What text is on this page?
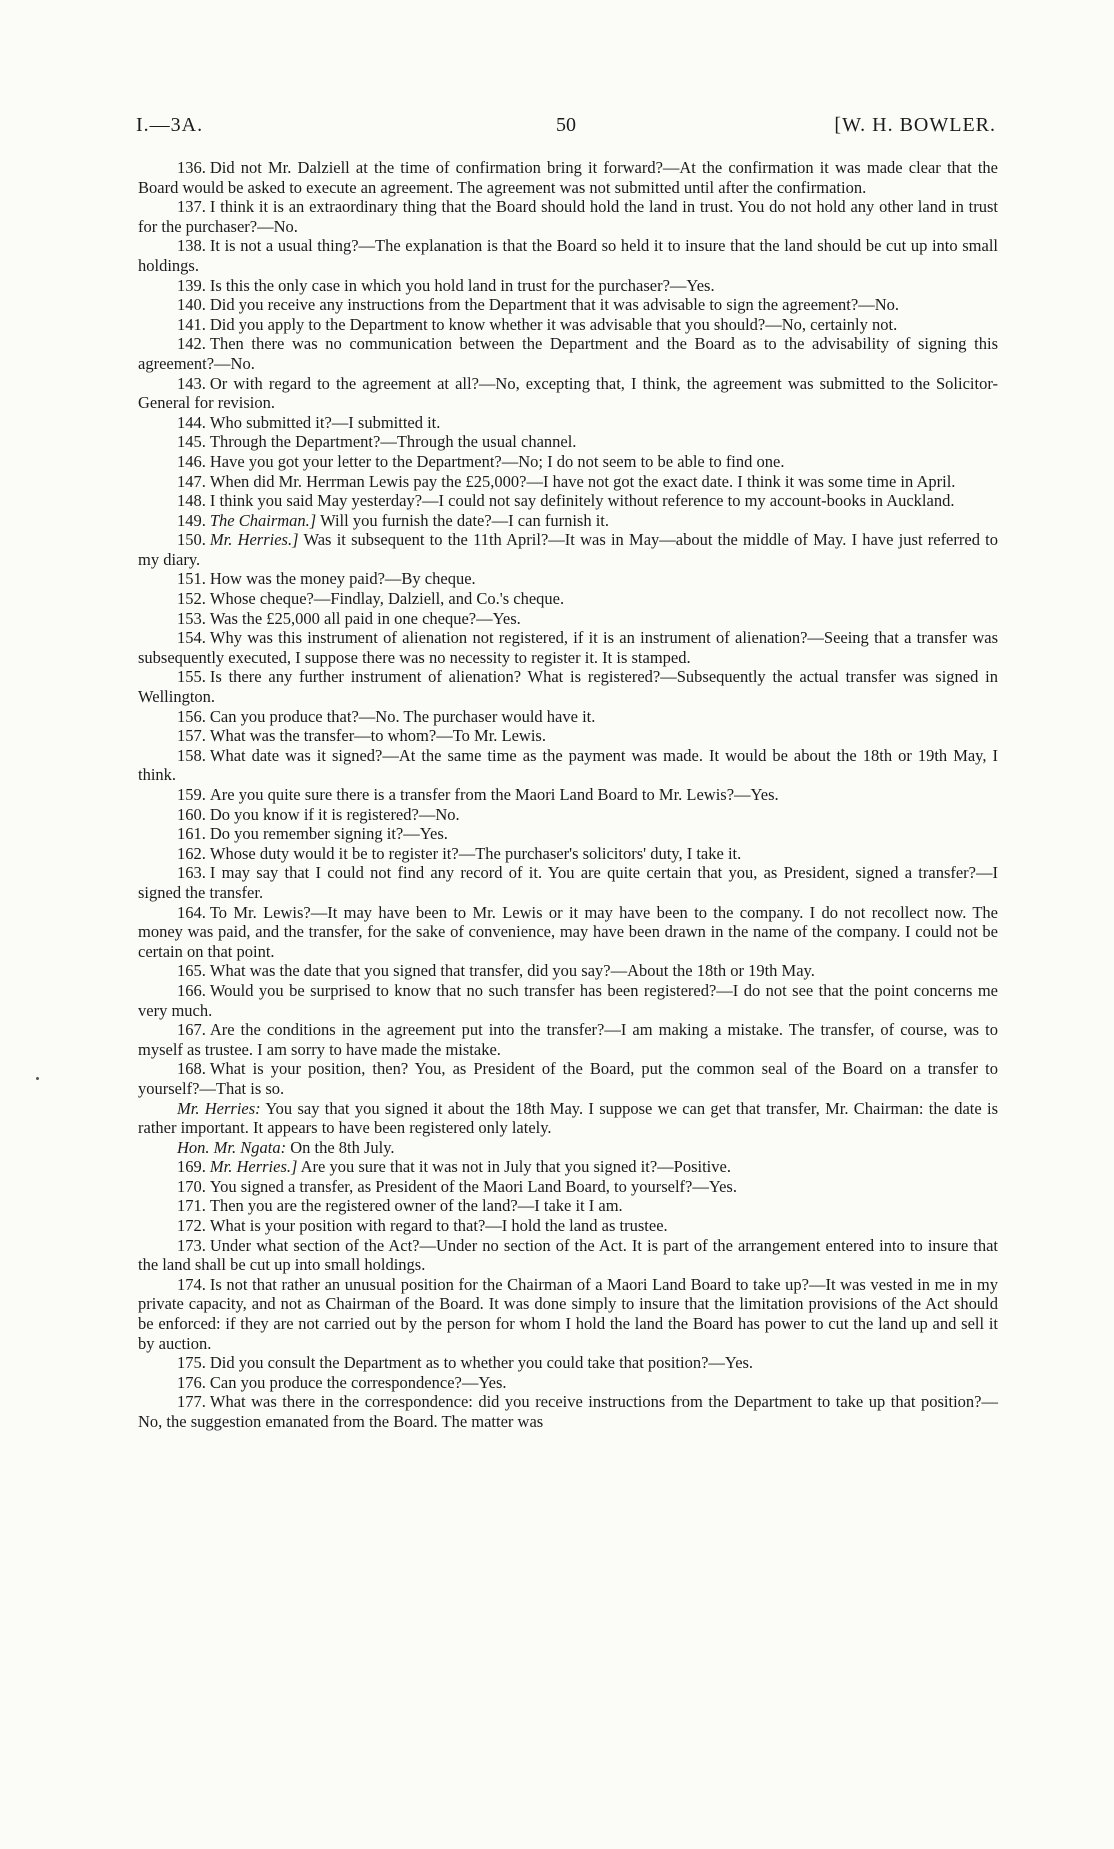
I.—3A.	50	[W. H. BOWLER.

136. Did not Mr. Dalziell at the time of confirmation bring it forward?—At the confirmation it was made clear that the Board would be asked to execute an agreement. The agreement was not submitted until after the confirmation.

137. I think it is an extraordinary thing that the Board should hold the land in trust. You do not hold any other land in trust for the purchaser?—No.

138. It is not a usual thing?—The explanation is that the Board so held it to insure that the land should be cut up into small holdings.

139. Is this the only case in which you hold land in trust for the purchaser?—Yes.

140. Did you receive any instructions from the Department that it was advisable to sign the agreement?—No.

141. Did you apply to the Department to know whether it was advisable that you should?—No, certainly not.

142. Then there was no communication between the Department and the Board as to the advisability of signing this agreement?—No.

143. Or with regard to the agreement at all?—No, excepting that, I think, the agreement was submitted to the Solicitor-General for revision.

144. Who submitted it?—I submitted it.

145. Through the Department?—Through the usual channel.

146. Have you got your letter to the Department?—No; I do not seem to be able to find one.

147. When did Mr. Herrman Lewis pay the £25,000?—I have not got the exact date. I think it was some time in April.

148. I think you said May yesterday?—I could not say definitely without reference to my account-books in Auckland.

149. The Chairman.] Will you furnish the date?—I can furnish it.

150. Mr. Herries.] Was it subsequent to the 11th April?—It was in May—about the middle of May. I have just referred to my diary.

151. How was the money paid?—By cheque.

152. Whose cheque?—Findlay, Dalziell, and Co.'s cheque.

153. Was the £25,000 all paid in one cheque?—Yes.

154. Why was this instrument of alienation not registered, if it is an instrument of alienation?—Seeing that a transfer was subsequently executed, I suppose there was no necessity to register it. It is stamped.

155. Is there any further instrument of alienation? What is registered?—Subsequently the actual transfer was signed in Wellington.

156. Can you produce that?—No. The purchaser would have it.

157. What was the transfer—to whom?—To Mr. Lewis.

158. What date was it signed?—At the same time as the payment was made. It would be about the 18th or 19th May, I think.

159. Are you quite sure there is a transfer from the Maori Land Board to Mr. Lewis?—Yes.

160. Do you know if it is registered?—No.

161. Do you remember signing it?—Yes.

162. Whose duty would it be to register it?—The purchaser's solicitors' duty, I take it.

163. I may say that I could not find any record of it. You are quite certain that you, as President, signed a transfer?—I signed the transfer.

164. To Mr. Lewis?—It may have been to Mr. Lewis or it may have been to the company. I do not recollect now. The money was paid, and the transfer, for the sake of convenience, may have been drawn in the name of the company. I could not be certain on that point.

165. What was the date that you signed that transfer, did you say?—About the 18th or 19th May.

166. Would you be surprised to know that no such transfer has been registered?—I do not see that the point concerns me very much.

167. Are the conditions in the agreement put into the transfer?—I am making a mistake. The transfer, of course, was to myself as trustee. I am sorry to have made the mistake.

168. What is your position, then? You, as President of the Board, put the common seal of the Board on a transfer to yourself?—That is so.

Mr. Herries: You say that you signed it about the 18th May. I suppose we can get that transfer, Mr. Chairman: the date is rather important. It appears to have been registered only lately.

Hon. Mr. Ngata: On the 8th July.

169. Mr. Herries.] Are you sure that it was not in July that you signed it?—Positive.

170. You signed a transfer, as President of the Maori Land Board, to yourself?—Yes.

171. Then you are the registered owner of the land?—I take it I am.

172. What is your position with regard to that?—I hold the land as trustee.

173. Under what section of the Act?—Under no section of the Act. It is part of the arrangement entered into to insure that the land shall be cut up into small holdings.

174. Is not that rather an unusual position for the Chairman of a Maori Land Board to take up?—It was vested in me in my private capacity, and not as Chairman of the Board. It was done simply to insure that the limitation provisions of the Act should be enforced: if they are not carried out by the person for whom I hold the land the Board has power to cut the land up and sell it by auction.

175. Did you consult the Department as to whether you could take that position?—Yes.

176. Can you produce the correspondence?—Yes.

177. What was there in the correspondence: did you receive instructions from the Department to take up that position?—No, the suggestion emanated from the Board. The matter was
